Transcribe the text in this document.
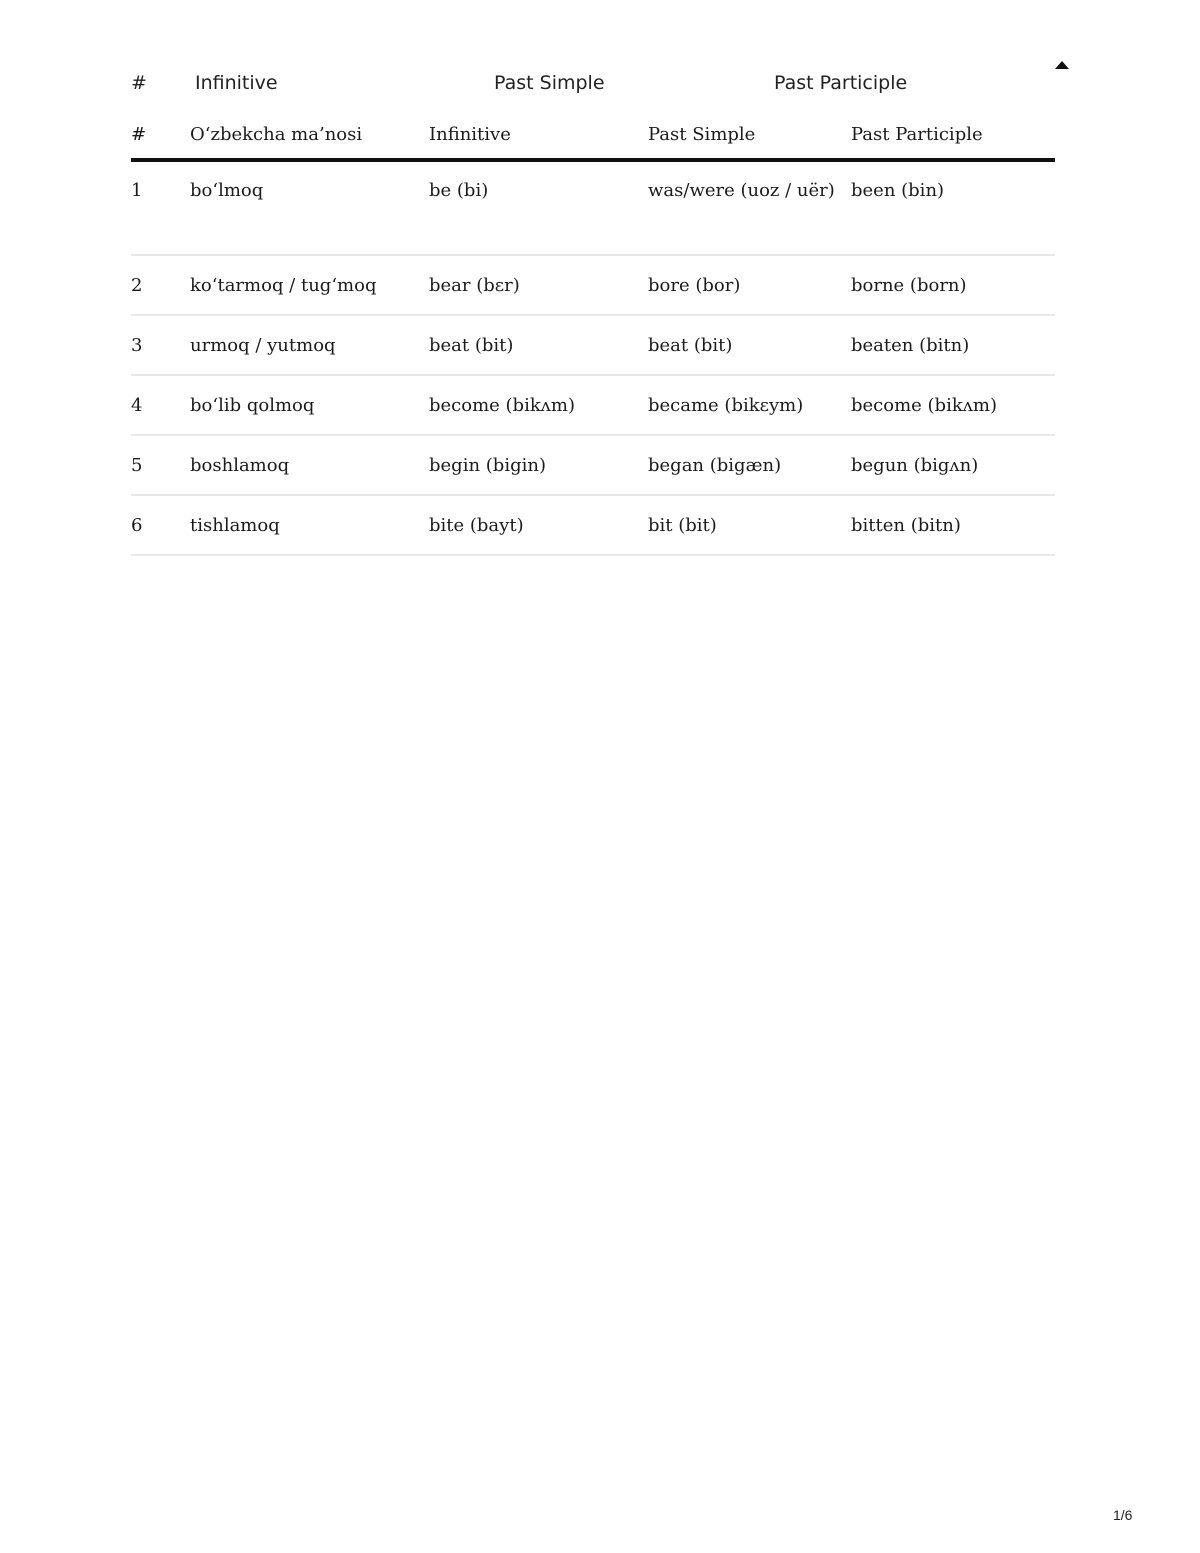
#	Infinitive	Past Simple	Past Participle
#	O‘zbekcha ma’nosi	Infinitive	Past Simple	Past Participle
1	bo‘lmoq	be (bi)	was/were (uoz / uër)	been (bin)
2	ko‘tarmoq / tug‘moq	bear (bɛr)	bore (bor)	borne (born)
3	urmoq / yutmoq	beat (bit)	beat (bit)	beaten (bitn)
4	bo‘lib qolmoq	become (bikʌm)	became (bikɛym)	become (bikʌm)
5	boshlamoq	begin (bigin)	began (bigæn)	begun (bigʌn)
6	tishlamoq	bite (bayt)	bit (bit)	bitten (bitn)
1/6
